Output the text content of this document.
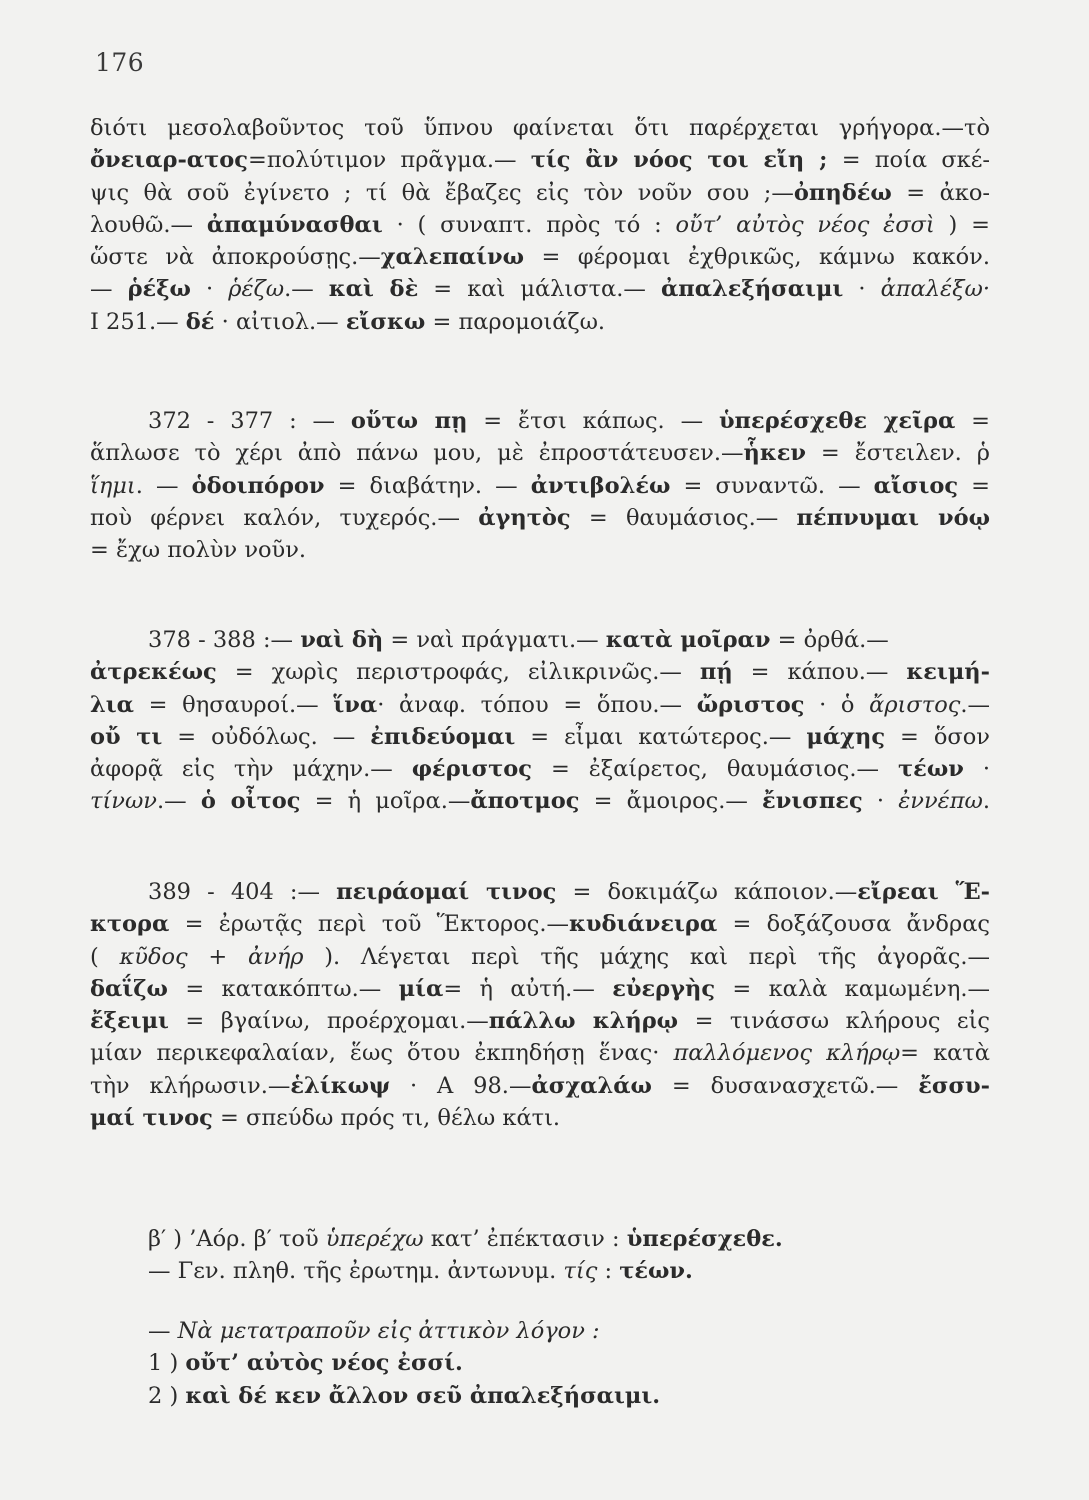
176
διότι μεσολαβοῦντος τοῦ ὕπνου φαίνεται ὅτι παρέρχεται γρήγορα.—τὸ
ὄνειαρ-ατος=πολύτιμον πρᾶγμα.— τίς ἂν νόος τοι εἴη ; = ποία σκέ-
ψις θὰ σοῦ ἐγίνετο ; τί θὰ ἔβαζες εἰς τὸν νοῦν σου ;—ὀπηδέω = ἀκο-
λουθῶ.— ἀπαμύνασθαι · ( συναπτ. πρὸς τό : οὔτ’ αὐτὸς νέος ἐσσὶ ) =
ὥστε νὰ ἀποκρούσῃς.—χαλεπαίνω = φέρομαι ἐχθρικῶς, κάμνω κακόν.
— ῥέξω · ῥέζω.— καὶ δὲ = καὶ μάλιστα.— ἀπαλεξήσαιμι · ἀπαλέξω·
Ι 251.— δέ · αἰτιολ.— εἴσκω = παρομοιάζω.
372 - 377 : — οὕτω πῃ = ἔτσι κάπως. — ὑπερέσχεθε χεῖρα =
ἅπλωσε τὸ χέρι ἀπὸ πάνω μου, μὲ ἐπροστάτευσεν.—ἧκεν = ἔστειλεν. ῥ
ἵημι. — ὁδοιπόρον = διαβάτην. — ἀντιβολέω = συναντῶ. — αἴσιος =
ποὺ φέρνει καλόν, τυχερός.— ἀγητὸς = θαυμάσιος.— πέπνυμαι νόῳ
= ἔχω πολὺν νοῦν.
378 - 388 :— ναὶ δὴ = ναὶ πράγματι.— κατὰ μοῖραν = ὀρθά.—
ἀτρεκέως = χωρὶς περιστροφάς, εἰλικρινῶς.— πῄ = κάπου.— κειμή-
λια = θησαυροί.— ἵνα· ἀναφ. τόπου = ὅπου.— ὤριστος · ὁ ἄριστος.—
οὔ τι = οὐδόλως. — ἐπιδεύομαι = εἶμαι κατώτερος.— μάχης = ὅσον
ἀφορᾷ εἰς τὴν μάχην.— φέριστος = ἐξαίρετος, θαυμάσιος.— τέων ·
τίνων.— ὁ οἶτος = ἡ μοῖρα.—ἄποτμος = ἄμοιρος.— ἔνισπες · ἐννέπω.
389 - 404 :— πειράομαί τινος = δοκιμάζω κάποιον.—εἴρεαι Ἕ-
κτορα = ἐρωτᾷς περὶ τοῦ Ἕκτορος.—κυδιάνειρα = δοξάζουσα ἄνδρας
( κῦδος + ἀνήρ ). Λέγεται περὶ τῆς μάχης καὶ περὶ τῆς ἀγορᾶς.—
δαΐζω = κατακόπτω.— μία= ἡ αὐτή.— εὐεργὴς = καλὰ καμωμένη.—
ἔξειμι = βγαίνω, προέρχομαι.—πάλλω κλήρῳ = τινάσσω κλήρους εἰς
μίαν περικεφαλαίαν, ἕως ὅτου ἐκπηδήσῃ ἕνας· παλλόμενος κλήρῳ= κατὰ
τὴν κλήρωσιν.—ἑλίκωψ · Α 98.—ἀσχαλάω = δυσανασχετῶ.— ἔσσυ-
μαί τινος = σπεύδω πρός τι, θέλω κάτι.
β′ ) ’Αόρ. β′ τοῦ ὑπερέχω κατ’ ἐπέκτασιν : ὑπερέσχεθε.
— Γεν. πληθ. τῆς ἐρωτημ. ἀντωνυμ. τίς : τέων.
— Νὰ μετατραποῦν εἰς ἀττικὸν λόγον :
1 ) οὔτ’ αὐτὸς νέος ἐσσί.
2 ) καὶ δέ κεν ἄλλον σεῦ ἀπαλεξήσαιμι.
